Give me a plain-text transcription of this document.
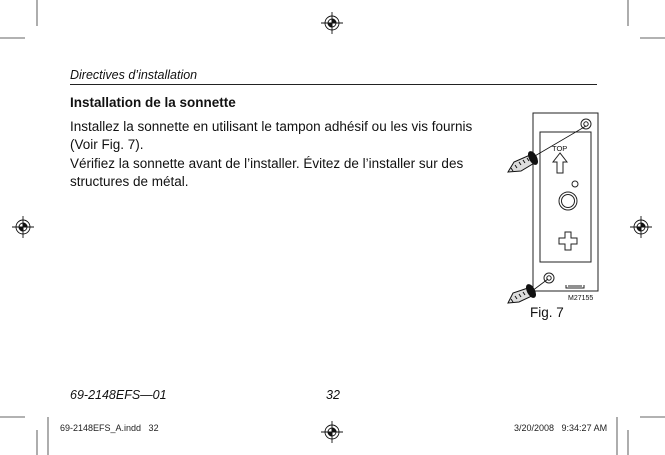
TOP
Directives d’installation
Installation de la sonnette
Installez la sonnette en utilisant le tampon adhésif ou les vis fournis (Voir Fig. 7).
Vérifiez la sonnette avant de l’installer. Évitez de l’installer sur des structures de métal.
M27155
Fig. 7
69-2148EFS—01	32
69-2148EFS_A.indd   32	3/20/2008   9:34:27 AM
